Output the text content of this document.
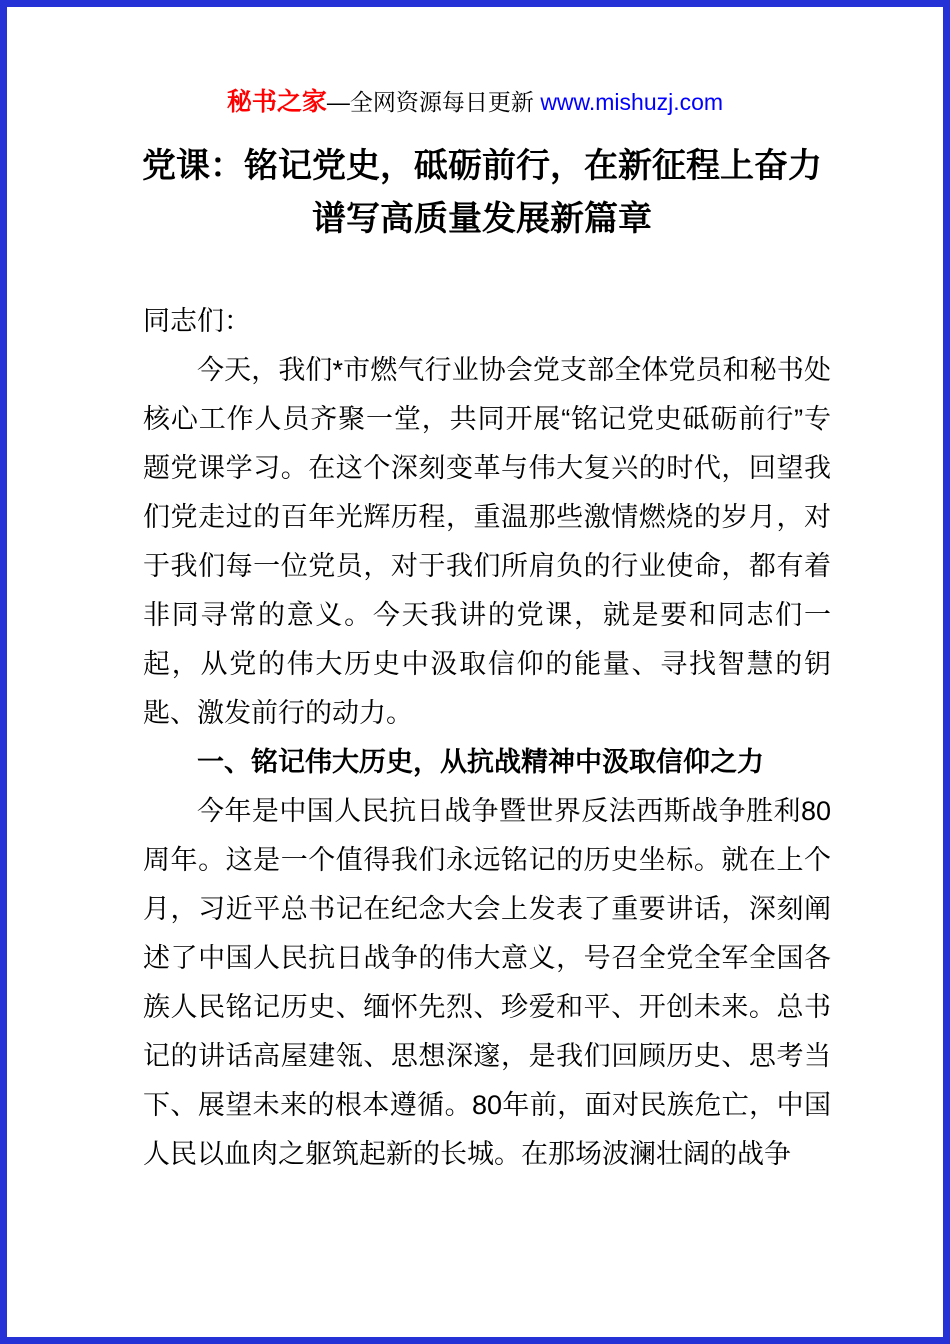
秘书之家—全网资源每日更新 www.mishuzj.com
党课：铭记党史，砥砺前行，在新征程上奋力谱写高质量发展新篇章

同志们：

今天，我们*市燃气行业协会党支部全体党员和秘书处核心工作人员齐聚一堂，共同开展“铭记党史砥砺前行”专题党课学习。在这个深刻变革与伟大复兴的时代，回望我们党走过的百年光辉历程，重温那些激情燃烧的岁月，对于我们每一位党员，对于我们所肩负的行业使命，都有着非同寻常的意义。今天我讲的党课，就是要和同志们一起，从党的伟大历史中汲取信仰的能量、寻找智慧的钥匙、激发前行的动力。

一、铭记伟大历史，从抗战精神中汲取信仰之力

今年是中国人民抗日战争暨世界反法西斯战争胜利80周年。这是一个值得我们永远铭记的历史坐标。就在上个月，习近平总书记在纪念大会上发表了重要讲话，深刻阐述了中国人民抗日战争的伟大意义，号召全党全军全国各族人民铭记历史、缅怀先烈、珍爱和平、开创未来。总书记的讲话高屋建瓴、思想深邃，是我们回顾历史、思考当下、展望未来的根本遵循。80年前，面对民族危亡，中国人民以血肉之躯筑起新的长城。在那场波澜壮阔的战争
